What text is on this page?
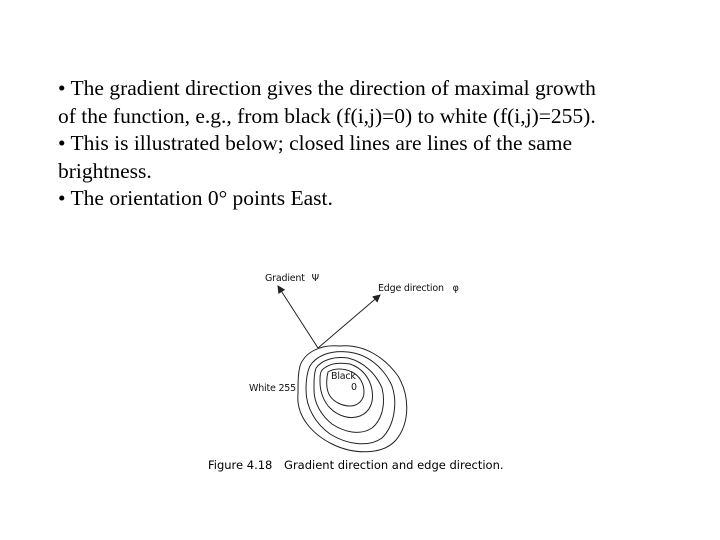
• The gradient direction gives the direction of maximal growth
of the function, e.g., from black (f(i,j)=0) to white (f(i,j)=255).
• This is illustrated below; closed lines are lines of the same
brightness.
• The orientation 0° points East.
Gradient Ψ
Edge direction φ
White 255
Black
0
Figure 4.18 Gradient direction and edge direction.
